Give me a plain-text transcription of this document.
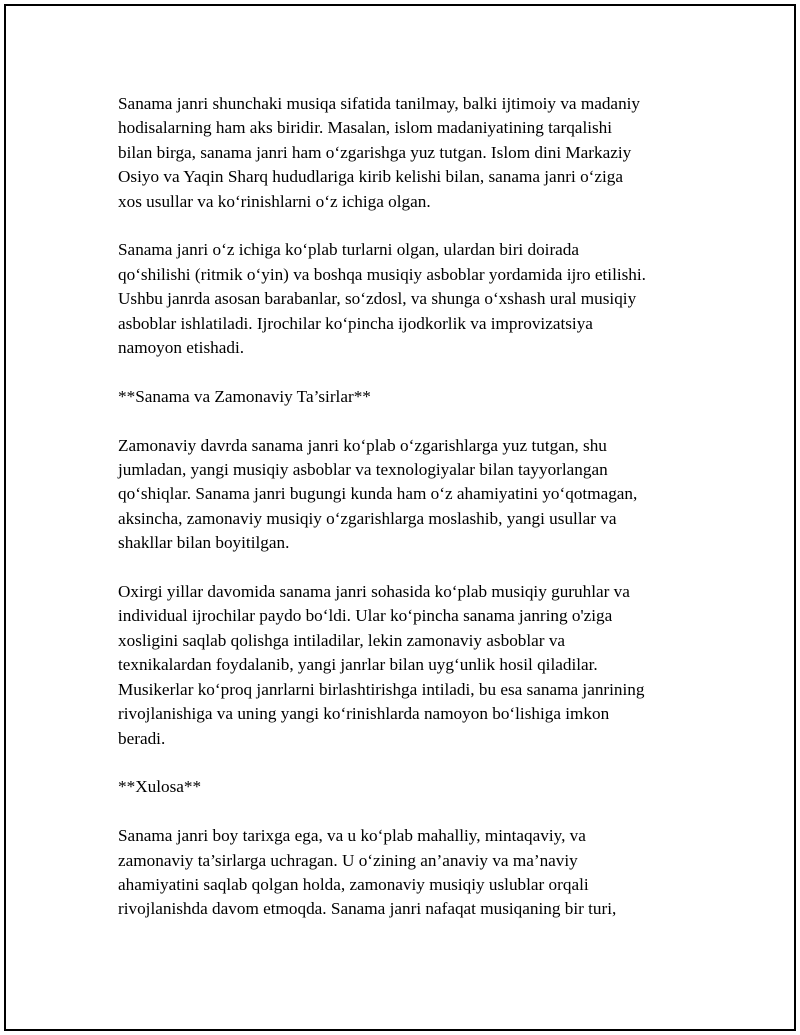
Sanama janri shunchaki musiqa sifatida tanilmay, balki ijtimoiy va madaniy
hodisalarning ham aks biridir. Masalan, islom madaniyatining tarqalishi
bilan birga, sanama janri ham o‘zgarishga yuz tutgan. Islom dini Markaziy
Osiyo va Yaqin Sharq hududlariga kirib kelishi bilan, sanama janri o‘ziga
xos usullar va ko‘rinishlarni o‘z ichiga olgan.

Sanama janri o‘z ichiga ko‘plab turlarni olgan, ulardan biri doirada
qo‘shilishi (ritmik o‘yin) va boshqa musiqiy asboblar yordamida ijro etilishi.
Ushbu janrda asosan barabanlar, so‘zdosl, va shunga o‘xshash ural musiqiy
asboblar ishlatiladi. Ijrochilar ko‘pincha ijodkorlik va improvizatsiya
namoyon etishadi.

**Sanama va Zamonaviy Ta’sirlar**

Zamonaviy davrda sanama janri ko‘plab o‘zgarishlarga yuz tutgan, shu
jumladan, yangi musiqiy asboblar va texnologiyalar bilan tayyorlangan
qo‘shiqlar. Sanama janri bugungi kunda ham o‘z ahamiyatini yo‘qotmagan,
aksincha, zamonaviy musiqiy o‘zgarishlarga moslashib, yangi usullar va
shakllar bilan boyitilgan.

Oxirgi yillar davomida sanama janri sohasida ko‘plab musiqiy guruhlar va
individual ijrochilar paydo bo‘ldi. Ular ko‘pincha sanama janring o'ziga
xosligini saqlab qolishga intiladilar, lekin zamonaviy asboblar va
texnikalardan foydalanib, yangi janrlar bilan uyg‘unlik hosil qiladilar.
Musikerlar ko‘proq janrlarni birlashtirishga intiladi, bu esa sanama janrining
rivojlanishiga va uning yangi ko‘rinishlarda namoyon bo‘lishiga imkon
beradi.

**Xulosa**

Sanama janri boy tarixga ega, va u ko‘plab mahalliy, mintaqaviy, va
zamonaviy ta’sirlarga uchragan. U o‘zining an’anaviy va ma’naviy
ahamiyatini saqlab qolgan holda, zamonaviy musiqiy uslublar orqali
rivojlanishda davom etmoqda. Sanama janri nafaqat musiqaning bir turi,
